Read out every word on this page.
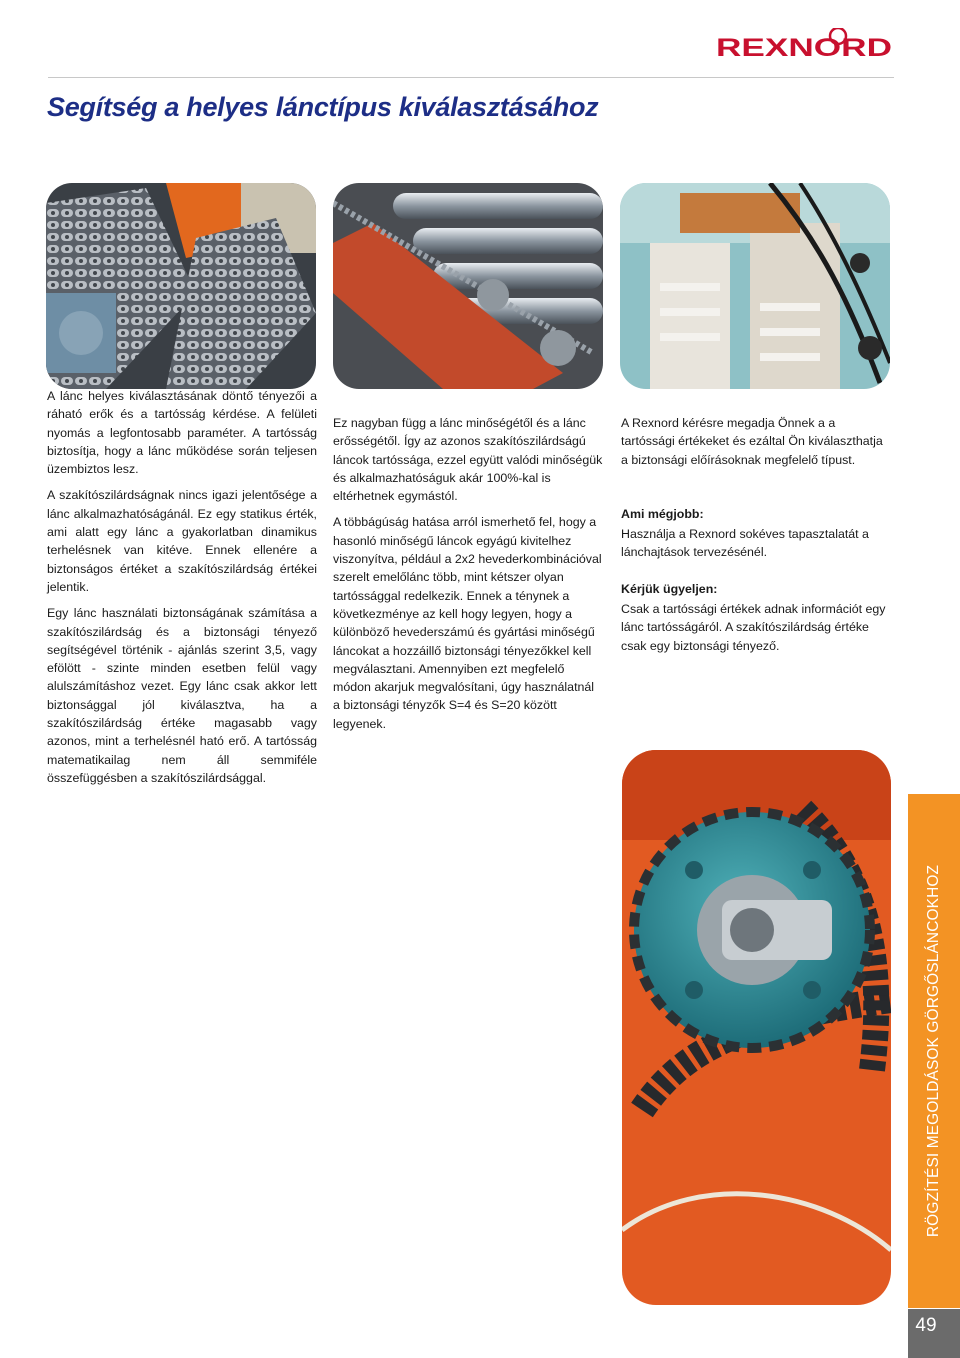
REXNORD
Segítség a helyes lánctípus kiválasztásához

A lánc helyes kiválasztásának döntő tényezői a ráható erők és a tartósság kérdése. A felületi nyomás a legfontosabb paraméter. A tartósság biztosítja, hogy a lánc működése során teljesen üzembiztos lesz.

A szakítószilárdságnak nincs igazi jelentősége a lánc alkalmazhatóságánál. Ez egy statikus érték, ami alatt egy lánc a gyakorlatban dinamikus terhelésnek van kitéve. Ennek ellenére a biztonságos értéket a szakítószilárdság értékei jelentik.

Egy lánc használati biztonságának számítása a szakítószilárdság és a biztonsági tényező segítségével történik - ajánlás szerint 3,5, vagy efölött - szinte minden esetben felül vagy alulszámításhoz vezet. Egy lánc csak akkor lett biztonsággal jól kiválasztva, ha a szakítószilárdság értéke magasabb vagy azonos, mint a terhelésnél ható erő. A tartósság matematikailag nem áll semmiféle összefüggésben a szakítószilárdsággal.

Ez nagyban függ a lánc minőségétől és a lánc erősségétől. Így az azonos szakítószilárdságú láncok tartóssága, ezzel együtt valódi minőségük és alkalmazhatóságuk akár 100%-kal is eltérhetnek egymástól.

A többágúság hatása arról ismerhető fel, hogy a hasonló minőségű láncok egyágú kivitelhez viszonyítva, például a 2x2 hevederkombinációval szerelt emelőlánc több, mint kétszer olyan tartóssággal redelkezik. Ennek a ténynek a következménye az kell hogy legyen, hogy a különböző hevederszámú és gyártási minőségű láncokat a hozzáillő biztonsági tényezőkkel kell megválasztani. Amennyiben ezt megfelelő módon akarjuk megvalósítani, úgy használatnál a biztonsági tényzők S=4 és S=20 között legyenek.

A Rexnord kérésre megadja Önnek a a tartóssági értékeket és ezáltal Ön kiválaszthatja a biztonsági előírásoknak megfelelő típust.

Ami mégjobb:

Használja a Rexnord sokéves tapasztalatát a lánchajtások tervezésénél.

Kérjük ügyeljen:

Csak a tartóssági értékek adnak információt egy lánc tartósságáról. A szakítószilárdság értéke csak egy biztonsági tényező.

RÖGZÍTÉSI MEGOLDÁSOK GÖRGŐSLÁNCOKHOZ
49
